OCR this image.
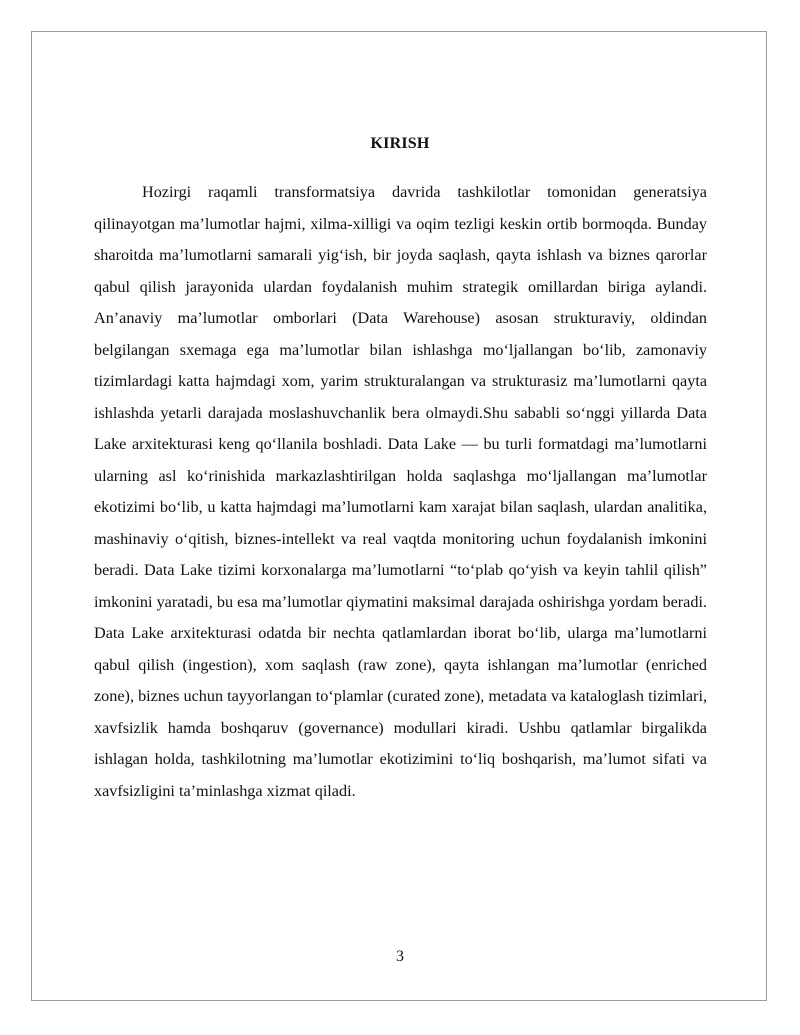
KIRISH

Hozirgi raqamli transformatsiya davrida tashkilotlar tomonidan generatsiya qilinayotgan ma’lumotlar hajmi, xilma-xilligi va oqim tezligi keskin ortib bormoqda. Bunday sharoitda ma’lumotlarni samarali yig‘ish, bir joyda saqlash, qayta ishlash va biznes qarorlar qabul qilish jarayonida ulardan foydalanish muhim strategik omillardan biriga aylandi. An’anaviy ma’lumotlar omborlari (Data Warehouse) asosan strukturaviy, oldindan belgilangan sxemaga ega ma’lumotlar bilan ishlashga mo‘ljallangan bo‘lib, zamonaviy tizimlardagi katta hajmdagi xom, yarim strukturalangan va strukturasiz ma’lumotlarni qayta ishlashda yetarli darajada moslashuvchanlik bera olmaydi.Shu sababli so‘nggi yillarda Data Lake arxitekturasi keng qo‘llanila boshladi. Data Lake — bu turli formatdagi ma’lumotlarni ularning asl ko‘rinishida markazlashtirilgan holda saqlashga mo‘ljallangan ma’lumotlar ekotizimi bo‘lib, u katta hajmdagi ma’lumotlarni kam xarajat bilan saqlash, ulardan analitika, mashinaviy o‘qitish, biznes-intellekt va real vaqtda monitoring uchun foydalanish imkonini beradi. Data Lake tizimi korxonalarga ma’lumotlarni “to‘plab qo‘yish va keyin tahlil qilish” imkonini yaratadi, bu esa ma’lumotlar qiymatini maksimal darajada oshirishga yordam beradi. Data Lake arxitekturasi odatda bir nechta qatlamlardan iborat bo‘lib, ularga ma’lumotlarni qabul qilish (ingestion), xom saqlash (raw zone), qayta ishlangan ma’lumotlar (enriched zone), biznes uchun tayyorlangan to‘plamlar (curated zone), metadata va kataloglash tizimlari, xavfsizlik hamda boshqaruv (governance) modullari kiradi. Ushbu qatlamlar birgalikda ishlagan holda, tashkilotning ma’lumotlar ekotizimini to‘liq boshqarish, ma’lumot sifati va xavfsizligini ta’minlashga xizmat qiladi.

3
